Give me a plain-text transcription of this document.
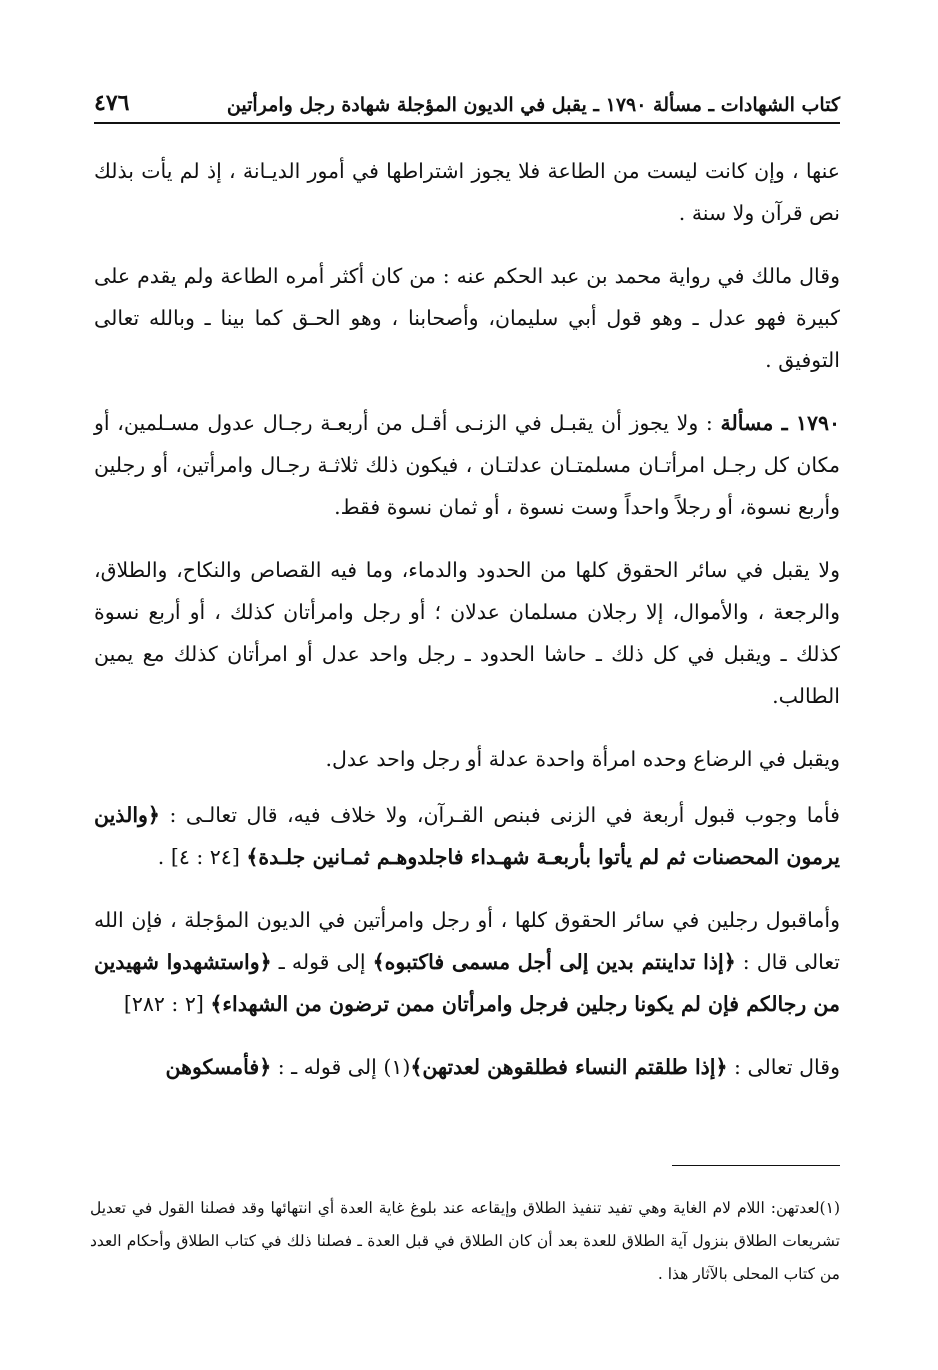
كتاب الشهادات ـ مسألة ١٧٩٠ ـ يقبل في الديون المؤجلة شهادة رجل وامرأتين
٤٧٦

عنها ، وإن كانت ليست من الطاعة فلا يجوز اشتراطها في أمور الديـانة ، إذ لم يأت بذلك نص قرآن ولا سنة .

وقال مالك في رواية محمد بن عبد الحكم عنه : من كان أكثر أمره الطاعة ولم يقدم على كبيرة فهو عدل ـ وهو قول أبي سليمان، وأصحابنا ، وهو الحـق كما بينا ـ وبالله تعالى التوفيق .

١٧٩٠ ـ مسألة : ولا يجوز أن يقبـل في الزنـى أقـل من أربعـة رجـال عدول مسـلمين، أو مكان كل رجـل امرأتـان مسلمتـان عدلتـان ، فيكون ذلك ثلاثـة رجـال وامرأتين، أو رجلين وأربع نسوة، أو رجلاً واحداً وست نسوة ، أو ثمان نسوة فقط.

ولا يقبل في سائر الحقوق كلها من الحدود والدماء، وما فيه القصاص والنكاح، والطلاق، والرجعة ، والأموال، إلا رجلان مسلمان عدلان ؛ أو رجل وامرأتان كذلك ، أو أربع نسوة كذلك ـ ويقبل في كل ذلك ـ حاشا الحدود ـ رجل واحد عدل أو امرأتان كذلك مع يمين الطالب.

ويقبل في الرضاع وحده امرأة واحدة عدلة أو رجل واحد عدل.

فأما وجوب قبول أربعة في الزنى فبنص القـرآن، ولا خلاف فيه، قال تعالـى : ﴿والذين يرمون المحصنات ثم لم يأتوا بأربعـة شهـداء فاجلدوهـم ثمـانين جلـدة﴾ [٢٤ : ٤] .

وأماقبول رجلين في سائر الحقوق كلها ، أو رجل وامرأتين في الديون المؤجلة ، فإن الله تعالى قال : ﴿إذا تداينتم بدين إلى أجل مسمى فاكتبوه﴾ إلى قوله ـ ﴿واستشهدوا شهيدين من رجالكم فإن لم يكونا رجلين فرجل وامرأتان ممن ترضون من الشهداء﴾ [٢ : ٢٨٢]

وقال تعالى : ﴿إذا طلقتم النساء فطلقوهن لعدتهن﴾(١) إلى قوله ـ : ﴿فأمسكوهن

(١)لعدتهن: اللام لام الغاية وهي تفيد تنفيذ الطلاق وإيقاعه عند بلوغ غاية العدة أي انتهائها وقد فصلنا القول في تعديل تشريعات الطلاق بنزول آية الطلاق للعدة بعد أن كان الطلاق في قبل العدة ـ فصلنا ذلك في كتاب الطلاق وأحكام العدد من كتاب المحلى بالآثار هذا .
